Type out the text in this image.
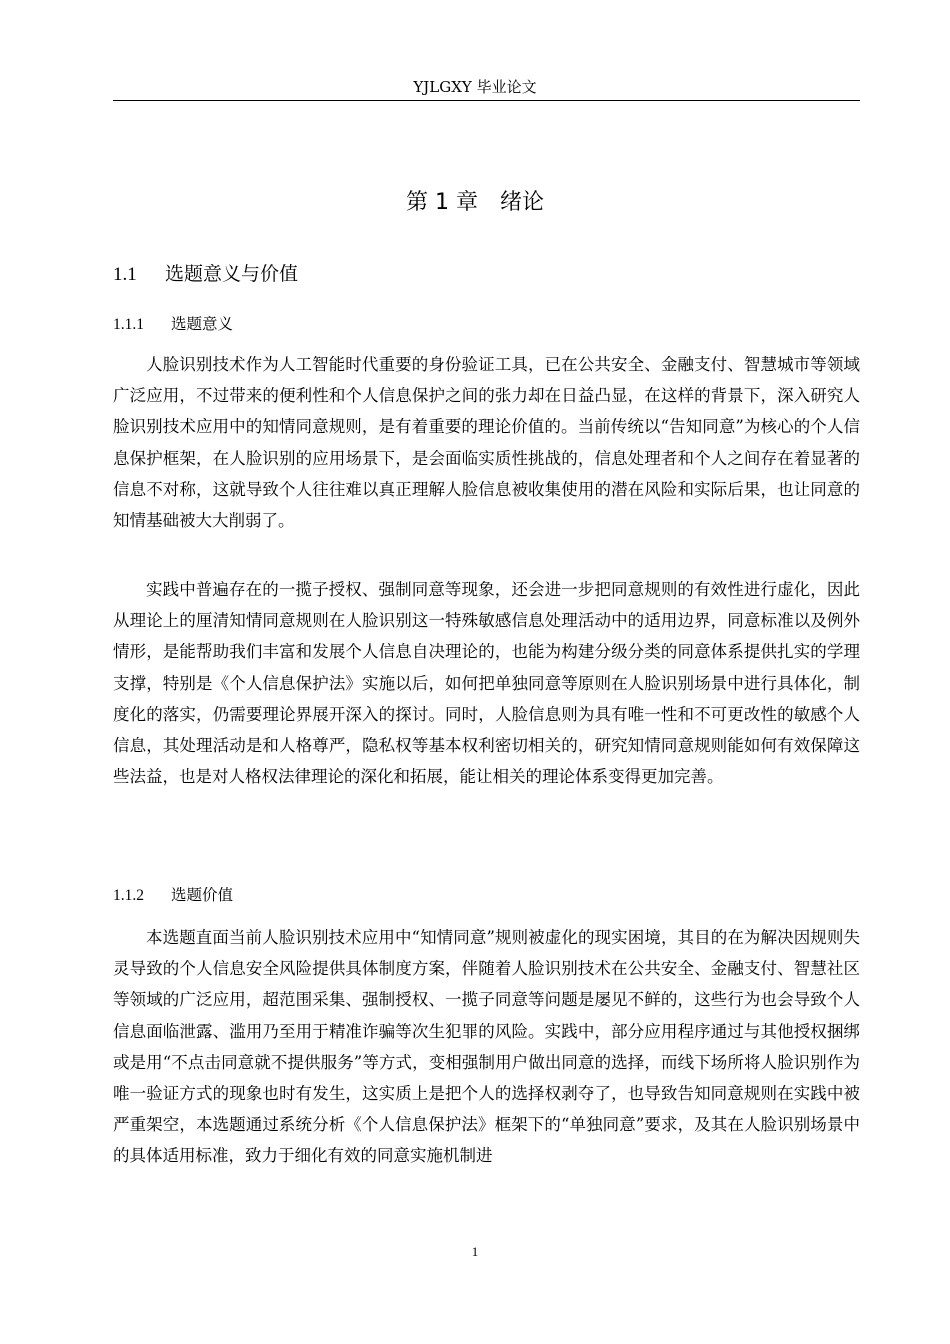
YJLGXY 毕业论文
第 1 章 绪论
1.1 选题意义与价值
1.1.1 选题意义

人脸识别技术作为人工智能时代重要的身份验证工具，已在公共安全、金融支付、智慧城市等领域广泛应用，不过带来的便利性和个人信息保护之间的张力却在日益凸显，在这样的背景下，深入研究人脸识别技术应用中的知情同意规则，是有着重要的理论价值的。当前传统以“告知同意”为核心的个人信息保护框架，在人脸识别的应用场景下，是会面临实质性挑战的，信息处理者和个人之间存在着显著的信息不对称，这就导致个人往往难以真正理解人脸信息被收集使用的潜在风险和实际后果，也让同意的知情基础被大大削弱了。

实践中普遍存在的一揽子授权、强制同意等现象，还会进一步把同意规则的有效性进行虚化，因此从理论上的厘清知情同意规则在人脸识别这一特殊敏感信息处理活动中的适用边界，同意标准以及例外情形，是能帮助我们丰富和发展个人信息自决理论的，也能为构建分级分类的同意体系提供扎实的学理支撑，特别是《个人信息保护法》实施以后，如何把单独同意等原则在人脸识别场景中进行具体化，制度化的落实，仍需要理论界展开深入的探讨。同时，人脸信息则为具有唯一性和不可更改性的敏感个人信息，其处理活动是和人格尊严，隐私权等基本权利密切相关的，研究知情同意规则能如何有效保障这些法益，也是对人格权法律理论的深化和拓展，能让相关的理论体系变得更加完善。

1.1.2 选题价值

本选题直面当前人脸识别技术应用中“知情同意”规则被虚化的现实困境，其目的在为解决因规则失灵导致的个人信息安全风险提供具体制度方案，伴随着人脸识别技术在公共安全、金融支付、智慧社区等领域的广泛应用，超范围采集、强制授权、一揽子同意等问题是屡见不鲜的，这些行为也会导致个人信息面临泄露、滥用乃至用于精准诈骗等次生犯罪的风险。实践中，部分应用程序通过与其他授权捆绑或是用“不点击同意就不提供服务”等方式，变相强制用户做出同意的选择，而线下场所将人脸识别作为唯一验证方式的现象也时有发生，这实质上是把个人的选择权剥夺了，也导致告知同意规则在实践中被严重架空，本选题通过系统分析《个人信息保护法》框架下的“单独同意”要求，及其在人脸识别场景中的具体适用标准，致力于细化有效的同意实施机制进

1
